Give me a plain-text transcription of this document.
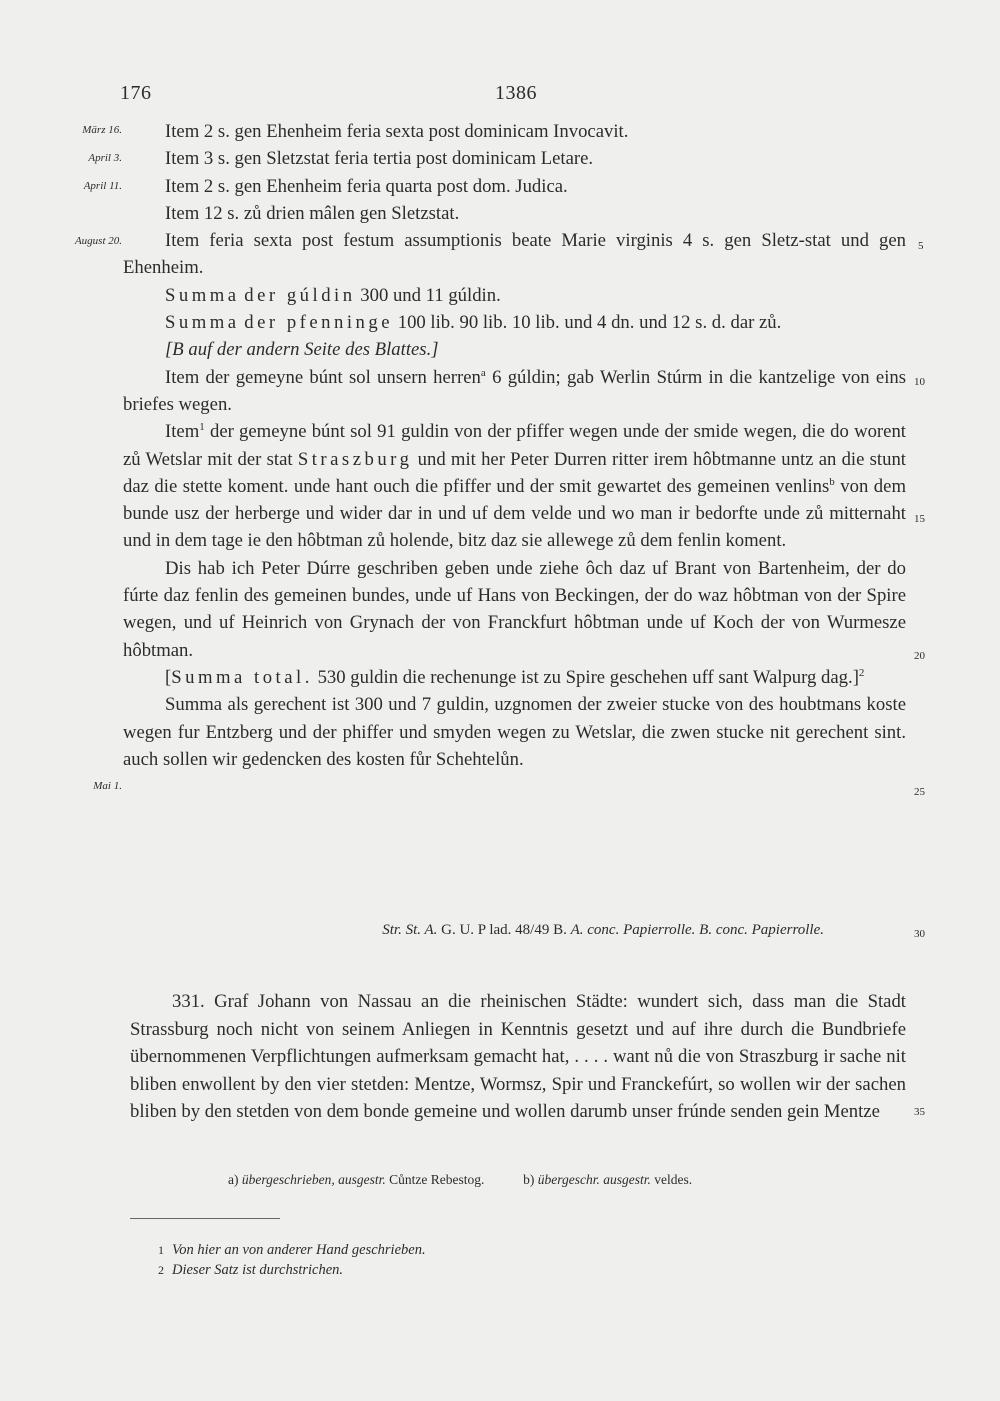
176	1386
März 16.
April 3.
April 11.
August 20.
Mai 1.
5
10
15
20
25
30
35

Item 2 s. gen Ehenheim feria sexta post dominicam Invocavit.

Item 3 s. gen Sletzstat feria tertia post dominicam Letare.

Item 2 s. gen Ehenheim feria quarta post dom. Judica.

Item 12 s. zů drien mâlen gen Sletzstat.

Item feria sexta post festum assumptionis beate Marie virginis 4 s. gen Sletz-stat und gen Ehenheim.

Summa der gúldin 300 und 11 gúldin.

Summa der pfenninge 100 lib. 90 lib. 10 lib. und 4 dn. und 12 s. d. dar zů.

[B auf der andern Seite des Blattes.]

Item der gemeyne búnt sol unsern herren$^a$ 6 gúldin; gab Werlin Stúrm in die kantzelige von eins briefes wegen.

Item$^1$ der gemeyne búnt sol 91 guldin von der pfiffer wegen unde der smide wegen, die do worent zů Wetslar mit der stat Straszburg und mit her Peter Durren ritter irem hôbtmanne untz an die stunt daz die stette koment. unde hant ouch die pfiffer und der smit gewartet des gemeinen venlins$^b$ von dem bunde usz der herberge und wider dar in und uf dem velde und wo man ir bedorfte unde zů mitternaht und in dem tage ie den hôbtman zů holende, bitz daz sie allewege zů dem fenlin koment.

Dis hab ich Peter Dúrre geschriben geben unde ziehe ôch daz uf Brant von Bartenheim, der do fúrte daz fenlin des gemeinen bundes, unde uf Hans von Beckingen, der do waz hôbtman von der Spire wegen, und uf Heinrich von Grynach der von Franckfurt hôbtman unde uf Koch der von Wurmesze hôbtman.

[Summa total. 530 guldin die rechenunge ist zu Spire geschehen uff sant Walpurg dag.]$^2$

Summa als gerechent ist 300 und 7 guldin, uzgnomen der zweier stucke von des houbtmans koste wegen fur Entzberg und der phiffer und smyden wegen zu Wetslar, die zwen stucke nit gerechent sint. auch sollen wir gedencken des kosten fůr Schehtelůn.

Str. St. A. G. U. P lad. 48/49 B. A. conc. Papierrolle. B. conc. Papierrolle.

331. Graf Johann von Nassau an die rheinischen Städte: wundert sich, dass man die Stadt Strassburg noch nicht von seinem Anliegen in Kenntnis gesetzt und auf ihre durch die Bundbriefe übernommenen Verpflichtungen aufmerksam gemacht hat, . . . . want nů die von Straszburg ir sache nit bliben enwollent by den vier stetden: Mentze, Wormsz, Spir und Franckefúrt, so wollen wir der sachen bliben by den stetden von dem bonde gemeine und wollen darumb unser frúnde senden gein Mentze

a) übergeschrieben, ausgestr. Cůntze Rebestog.	b) übergeschr. ausgestr. veldes.
1 Von hier an von anderer Hand geschrieben.
2 Dieser Satz ist durchstrichen.
